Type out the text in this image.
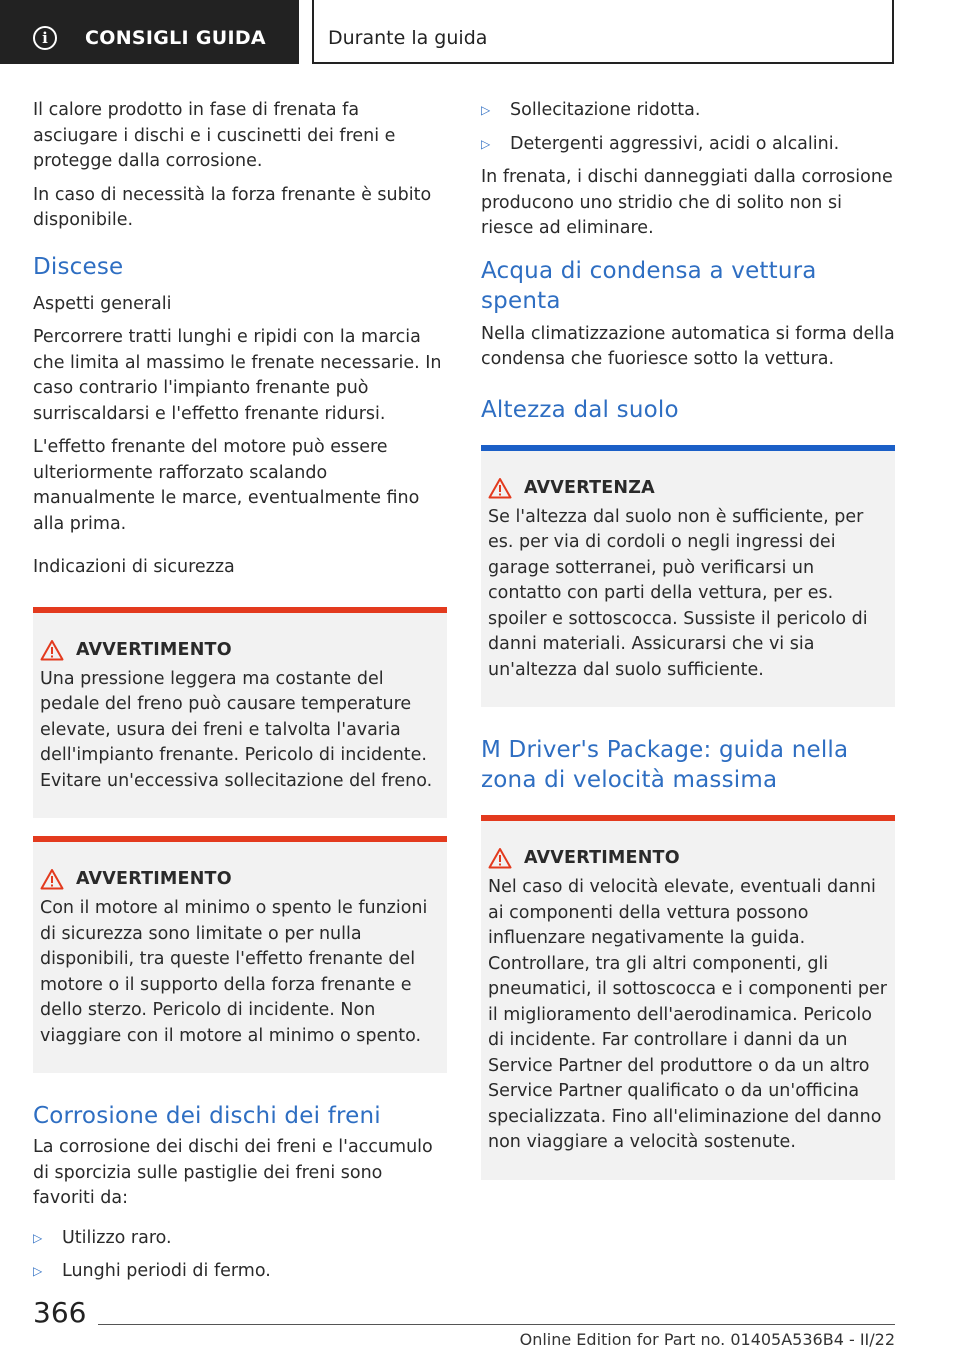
i	CONSIGLI GUIDA	Durante la guida

Il calore prodotto in fase di frenata fa asciugare i dischi e i cuscinetti dei freni e protegge dalla corrosione.

In caso di necessità la forza frenante è subito disponibile.

Discese
Aspetti generali

Percorrere tratti lunghi e ripidi con la marcia che limita al massimo le frenate necessarie. In caso contrario l'impianto frenante può surriscaldarsi e l'effetto frenante ridursi.

L'effetto frenante del motore può essere ulteriormente rafforzato scalando manualmente le marce, eventualmente fino alla prima.

Indicazioni di sicurezza
AVVERTIMENTO

Una pressione leggera ma costante del pedale del freno può causare temperature elevate, usura dei freni e talvolta l'avaria dell'impianto frenante. Pericolo di incidente. Evitare un'eccessiva sollecitazione del freno.

AVVERTIMENTO

Con il motore al minimo o spento le funzioni di sicurezza sono limitate o per nulla disponibili, tra queste l'effetto frenante del motore o il supporto della forza frenante e dello sterzo. Pericolo di incidente. Non viaggiare con il motore al minimo o spento.

Corrosione dei dischi dei freni

La corrosione dei dischi dei freni e l'accumulo di sporcizia sulle pastiglie dei freni sono favoriti da:

▷	Utilizzo raro.
▷	Lunghi periodi di fermo.
▷	Sollecitazione ridotta.
▷	Detergenti aggressivi, acidi o alcalini.

In frenata, i dischi danneggiati dalla corrosione producono uno stridio che di solito non si riesce ad eliminare.

Acqua di condensa a vettura spenta

Nella climatizzazione automatica si forma della condensa che fuoriesce sotto la vettura.

Altezza dal suolo
AVVERTENZA

Se l'altezza dal suolo non è sufficiente, per es. per via di cordoli o negli ingressi dei garage sotterranei, può verificarsi un contatto con parti della vettura, per es. spoiler e sottoscocca. Sussiste il pericolo di danni materiali. Assicurarsi che vi sia un'altezza dal suolo sufficiente.

M Driver's Package: guida nella zona di velocità massima
AVVERTIMENTO

Nel caso di velocità elevate, eventuali danni ai componenti della vettura possono influenzare negativamente la guida. Controllare, tra gli altri componenti, gli pneumatici, il sottoscocca e i componenti per il miglioramento dell'aerodinamica. Pericolo di incidente. Far controllare i danni da un Service Partner del produttore o da un altro Service Partner qualificato o da un'officina specializzata. Fino all'eliminazione del danno non viaggiare a velocità sostenute.

366
Online Edition for Part no. 01405A536B4 - II/22
